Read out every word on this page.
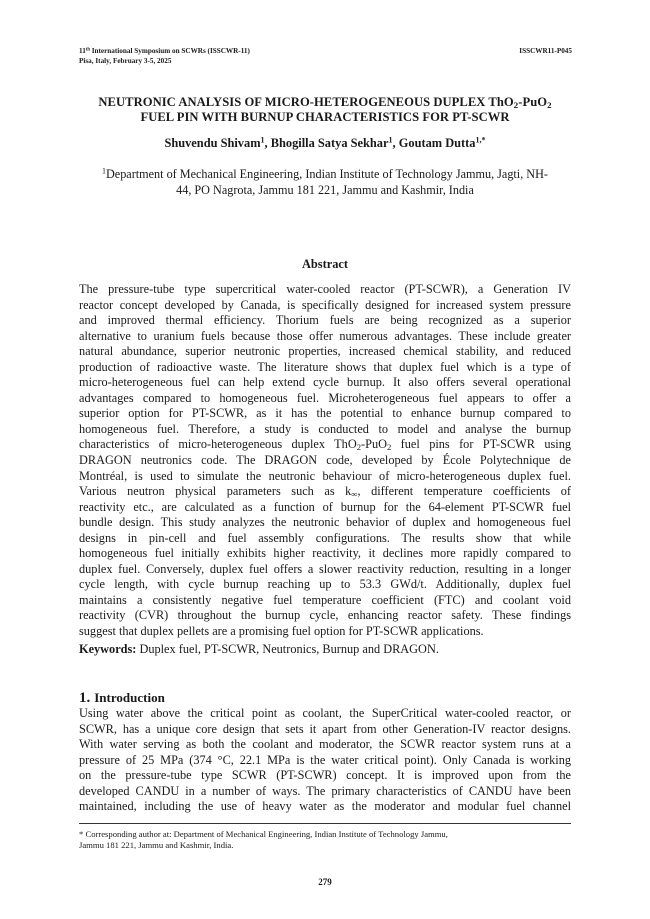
11th International Symposium on SCWRs (ISSCWR-11)
Pisa, Italy, February 3-5, 2025
ISSCWR11-P045
NEUTRONIC ANALYSIS OF MICRO-HETEROGENEOUS DUPLEX ThO$_2$-PuO$_2$
FUEL PIN WITH BURNUP CHARACTERISTICS FOR PT-SCWR
Shuvendu Shivam$^1$, Bhogilla Satya Sekhar$^1$, Goutam Dutta$^{1,*}$
$^1$Department of Mechanical Engineering, Indian Institute of Technology Jammu, Jagti, NH-
44, PO Nagrota, Jammu 181 221, Jammu and Kashmir, India
Abstract
The pressure-tube type supercritical water-cooled reactor (PT-SCWR), a Generation IV
reactor concept developed by Canada, is specifically designed for increased system pressure
and improved thermal efficiency. Thorium fuels are being recognized as a superior
alternative to uranium fuels because those offer numerous advantages. These include greater
natural abundance, superior neutronic properties, increased chemical stability, and reduced
production of radioactive waste. The literature shows that duplex fuel which is a type of
micro-heterogeneous fuel can help extend cycle burnup. It also offers several operational
advantages compared to homogeneous fuel. Microheterogeneous fuel appears to offer a
superior option for PT-SCWR, as it has the potential to enhance burnup compared to
homogeneous fuel. Therefore, a study is conducted to model and analyse the burnup
characteristics of micro-heterogeneous duplex ThO$_2$-PuO$_2$ fuel pins for PT-SCWR using
DRAGON neutronics code. The DRAGON code, developed by École Polytechnique de
Montréal, is used to simulate the neutronic behaviour of micro-heterogeneous duplex fuel.
Various neutron physical parameters such as $k_\infty$, different temperature coefficients of
reactivity etc., are calculated as a function of burnup for the 64-element PT-SCWR fuel
bundle design. This study analyzes the neutronic behavior of duplex and homogeneous fuel
designs in pin-cell and fuel assembly configurations. The results show that while
homogeneous fuel initially exhibits higher reactivity, it declines more rapidly compared to
duplex fuel. Conversely, duplex fuel offers a slower reactivity reduction, resulting in a longer
cycle length, with cycle burnup reaching up to 53.3 GWd/t. Additionally, duplex fuel
maintains a consistently negative fuel temperature coefficient (FTC) and coolant void
reactivity (CVR) throughout the burnup cycle, enhancing reactor safety. These findings
suggest that duplex pellets are a promising fuel option for PT-SCWR applications.
Keywords: Duplex fuel, PT-SCWR, Neutronics, Burnup and DRAGON.
1. Introduction
Using water above the critical point as coolant, the SuperCritical water-cooled reactor, or
SCWR, has a unique core design that sets it apart from other Generation-IV reactor designs.
With water serving as both the coolant and moderator, the SCWR reactor system runs at a
pressure of 25 MPa (374 °C, 22.1 MPa is the water critical point). Only Canada is working
on the pressure-tube type SCWR (PT-SCWR) concept. It is improved upon from the
developed CANDU in a number of ways. The primary characteristics of CANDU have been
maintained, including the use of heavy water as the moderator and modular fuel channel
* Corresponding author at: Department of Mechanical Engineering, Indian Institute of Technology Jammu,
Jammu 181 221, Jammu and Kashmir, India.
279
